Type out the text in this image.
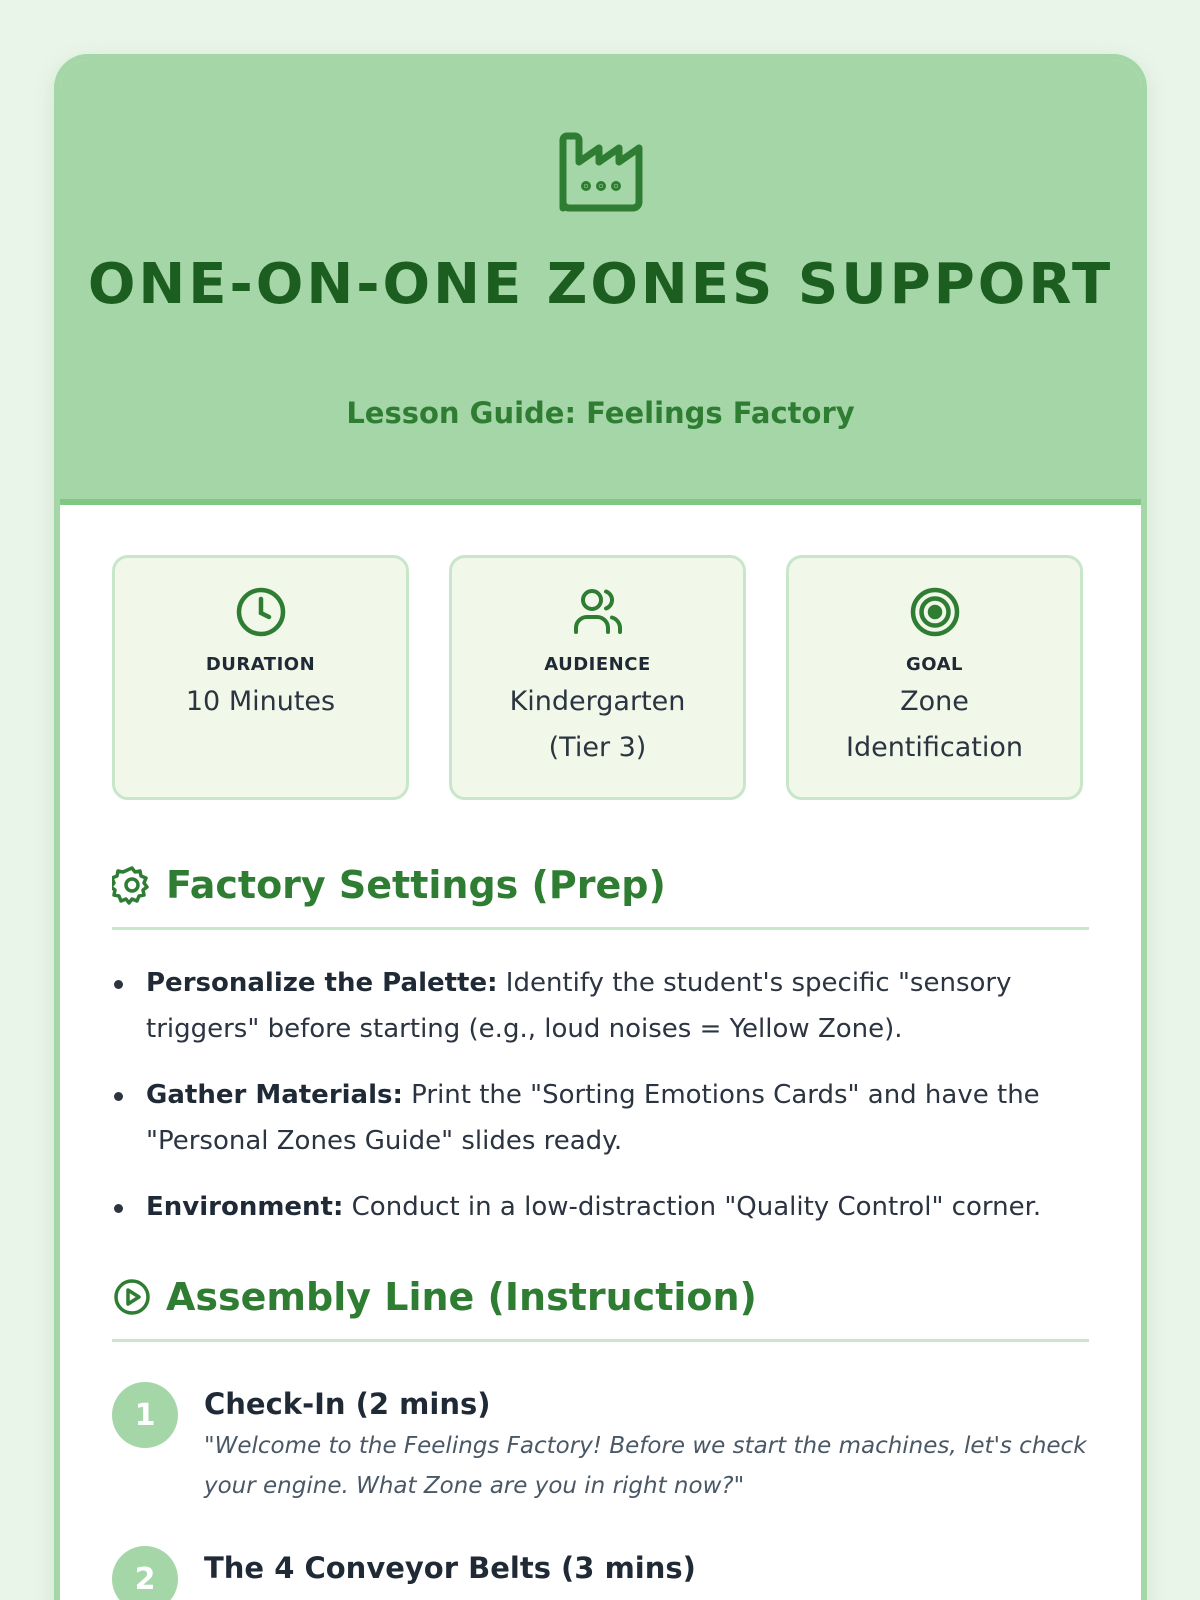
ONE-ON-ONE ZONES SUPPORT
Lesson Guide: Feelings Factory
DURATION
10 Minutes
AUDIENCE
Kindergarten (Tier 3)
GOAL
Zone Identification
Factory Settings (Prep)
Personalize the Palette: Identify the student's specific "sensory triggers" before starting (e.g., loud noises = Yellow Zone).
Gather Materials: Print the "Sorting Emotions Cards" and have the "Personal Zones Guide" slides ready.
Environment: Conduct in a low-distraction "Quality Control" corner.
Assembly Line (Instruction)
1	Check-In (2 mins)
"Welcome to the Feelings Factory! Before we start the machines, let's check your engine. What Zone are you in right now?"
2	The 4 Conveyor Belts (3 mins)
